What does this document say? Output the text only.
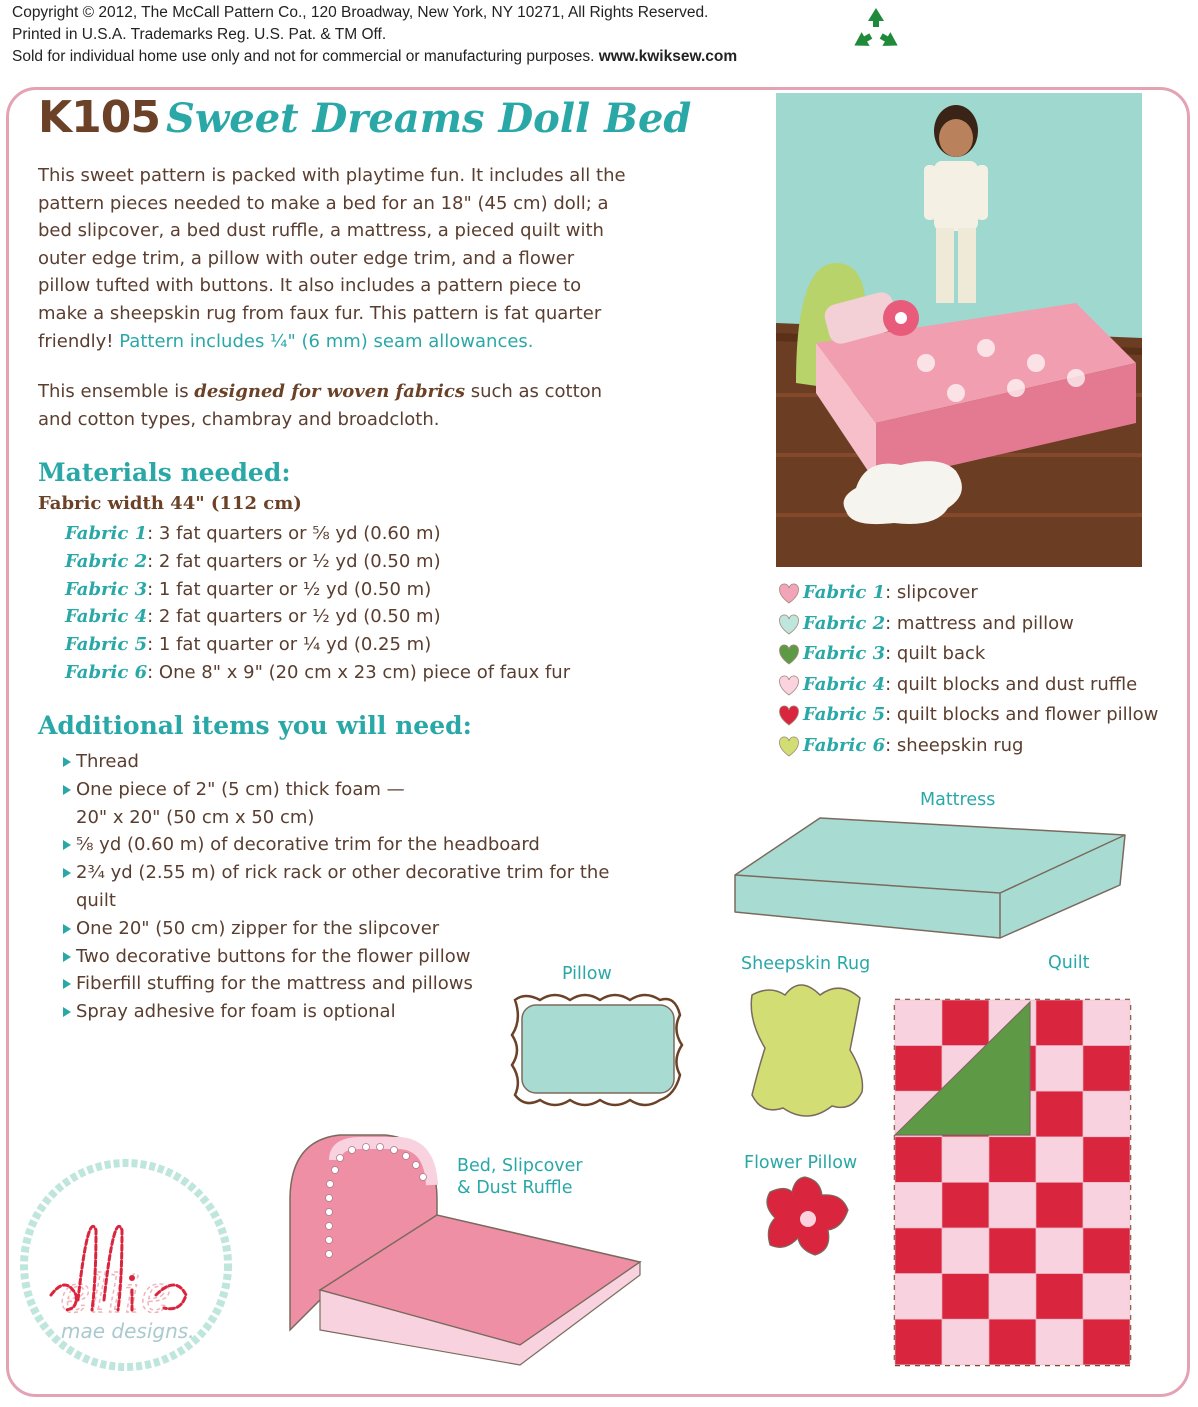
Copyright © 2012, The McCall Pattern Co., 120 Broadway, New York, NY 10271, All Rights Reserved.
Printed in U.S.A. Trademarks Reg. U.S. Pat. & TM Off.
Sold for individual home use only and not for commercial or manufacturing purposes. www.kwiksew.com
K105 Sweet Dreams Doll Bed
This sweet pattern is packed with playtime fun. It includes all the pattern pieces needed to make a bed for an 18" (45 cm) doll; a bed slipcover, a bed dust ruffle, a mattress, a pieced quilt with outer edge trim, a pillow with outer edge trim, and a flower pillow tufted with buttons. It also includes a pattern piece to make a sheepskin rug from faux fur. This pattern is fat quarter friendly! Pattern includes ¼" (6 mm) seam allowances.
This ensemble is designed for woven fabrics such as cotton and cotton types, chambray and broadcloth.
Materials needed:
Fabric width 44" (112 cm)
Fabric 1: 3 fat quarters or ⅝ yd (0.60 m)
Fabric 2: 2 fat quarters or ½ yd (0.50 m)
Fabric 3: 1 fat quarter or ½ yd (0.50 m)
Fabric 4: 2 fat quarters or ½ yd (0.50 m)
Fabric 5: 1 fat quarter or ¼ yd (0.25 m)
Fabric 6: One 8" x 9" (20 cm x 23 cm) piece of faux fur
Additional items you will need:
Thread
One piece of 2" (5 cm) thick foam — 20" x 20" (50 cm x 50 cm)
⅝ yd (0.60 m) of decorative trim for the headboard
2¾ yd (2.55 m) of rick rack or other decorative trim for the quilt
One 20" (50 cm) zipper for the slipcover
Two decorative buttons for the flower pillow
Fiberfill stuffing for the mattress and pillows
Spray adhesive for foam is optional
Fabric 1 : slipcover
Fabric 2 : mattress and pillow
Fabric 3 : quilt back
Fabric 4 : quilt blocks and dust ruffle
Fabric 5 : quilt blocks and flower pillow
Fabric 6 : sheepskin rug
Mattress
Pillow	Sheepskin Rug	Quilt
Bed, Slipcover
& Dust Ruffle
Flower Pillow
ellie
mae designs.
